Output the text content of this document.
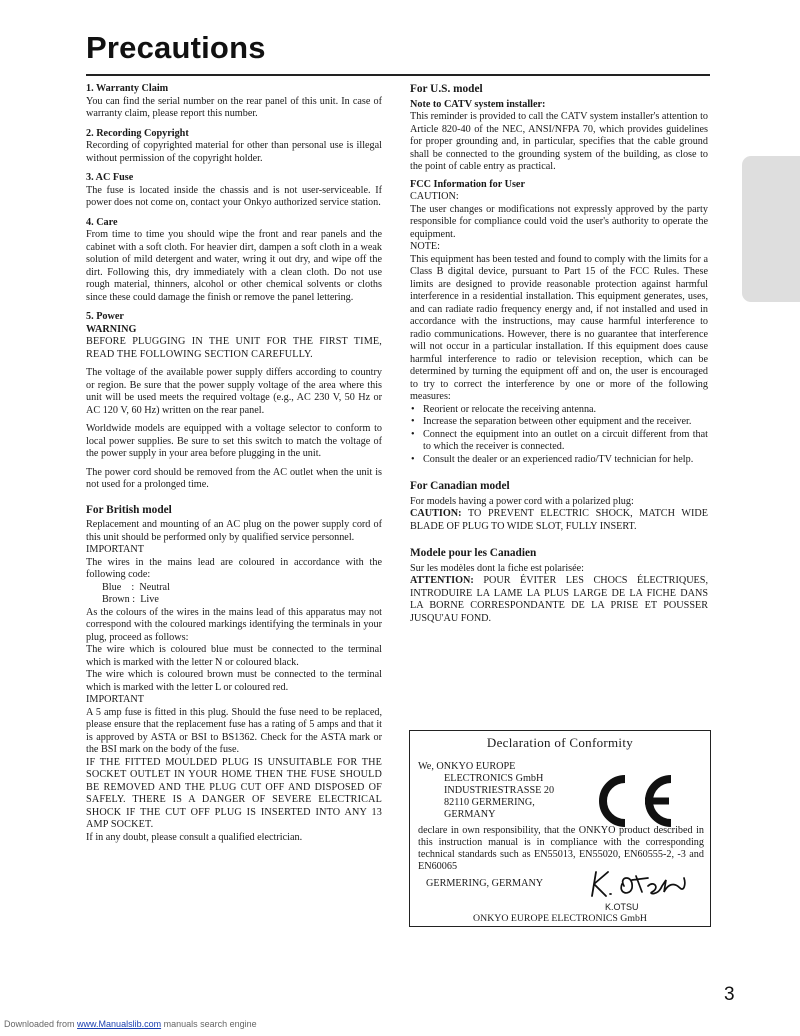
Precautions

1. Warranty Claim

You can find the serial number on the rear panel of this unit. In case of warranty claim, please report this number.

2. Recording Copyright

Recording of copyrighted material for other than personal use is illegal without permission of the copyright holder.

3. AC Fuse

The fuse is located inside the chassis and is not user-serviceable. If power does not come on, contact your Onkyo authorized service station.

4. Care

From time to time you should wipe the front and rear panels and the cabinet with a soft cloth. For heavier dirt, dampen a soft cloth in a weak solution of mild detergent and water, wring it out dry, and wipe off the dirt. Following this, dry immediately with a clean cloth. Do not use rough material, thinners, alcohol or other chemical solvents or cloths since these could damage the finish or remove the panel lettering.

5. Power

WARNING

BEFORE PLUGGING IN THE UNIT FOR THE FIRST TIME, READ THE FOLLOWING SECTION CAREFULLY.

The voltage of the available power supply differs according to country or region. Be sure that the power supply voltage of the area where this unit will be used meets the required voltage (e.g., AC 230 V, 50 Hz or AC 120 V, 60 Hz) written on the rear panel.

Worldwide models are equipped with a voltage selector to conform to local power supplies. Be sure to set this switch to match the voltage of the power supply in your area before plugging in the unit.

The power cord should be removed from the AC outlet when the unit is not used for a prolonged time.

For British model

Replacement and mounting of an AC plug on the power supply cord of this unit should be performed only by qualified service personnel.

IMPORTANT

The wires in the mains lead are coloured in accordance with the following code:

Blue    :  Neutral

Brown :  Live

As the colours of the wires in the mains lead of this apparatus may not correspond with the coloured markings identifying the terminals in your plug, proceed as follows:

The wire which is coloured blue must be connected to the terminal which is marked with the letter N or coloured black.

The wire which is coloured brown must be connected to the terminal which is marked with the letter L or coloured red.

IMPORTANT

A 5 amp fuse is fitted in this plug. Should the fuse need to be replaced, please ensure that the replacement fuse has a rating of 5 amps and that it is approved by ASTA or BSI to BS1362. Check for the ASTA mark or the BSI mark on the body of the fuse.

IF THE FITTED MOULDED PLUG IS UNSUITABLE FOR THE SOCKET OUTLET IN YOUR HOME THEN THE FUSE SHOULD BE REMOVED AND THE PLUG CUT OFF AND DISPOSED OF SAFELY. THERE IS A DANGER OF SEVERE ELECTRICAL SHOCK IF THE CUT OFF PLUG IS INSERTED INTO ANY 13 AMP SOCKET.

If in any doubt, please consult a qualified electrician.

For U.S. model

Note to CATV system installer:

This reminder is provided to call the CATV system installer's attention to Article 820-40 of the NEC, ANSI/NFPA 70, which provides guidelines for proper grounding and, in particular, specifies that the cable ground shall be connected to the grounding system of the building, as close to the point of cable entry as practical.

FCC Information for User

CAUTION:

The user changes or modifications not expressly approved by the party responsible for compliance could void the user's authority to operate the equipment.

NOTE:

This equipment has been tested and found to comply with the limits for a Class B digital device, pursuant to Part 15 of the FCC Rules. These limits are designed to provide reasonable protection against harmful interference in a residential installation. This equipment generates, uses, and can radiate radio frequency energy and, if not installed and used in accordance with the instructions, may cause harmful interference to radio communications. However, there is no guarantee that interference will not occur in a particular installation. If this equipment does cause harmful interference to radio or television reception, which can be determined by turning the equipment off and on, the user is encouraged to try to correct the interference by one or more of the following measures:

• Reorient or relocate the receiving antenna.
• Increase the separation between other equipment and the receiver.
• Connect the equipment into an outlet on a circuit different from that to which the receiver is connected.
• Consult the dealer or an experienced radio/TV technician for help.

For Canadian model

For models having a power cord with a polarized plug:

CAUTION: TO PREVENT ELECTRIC SHOCK, MATCH WIDE BLADE OF PLUG TO WIDE SLOT, FULLY INSERT.

Modele pour les Canadien

Sur les modèles dont la fiche est polarisée:

ATTENTION: POUR ÉVITER LES CHOCS ÉLECTRIQUES, INTRODUIRE LA LAME LA PLUS LARGE DE LA FICHE DANS LA BORNE CORRESPONDANTE DE LA PRISE ET POUSSER JUSQU'AU FOND.

Declaration of Conformity
We, ONKYO EUROPE
ELECTRONICS GmbH
INDUSTRIESTRASSE 20
82110 GERMERING,
GERMANY
declare in own responsibility, that the ONKYO product described in this instruction manual is in compliance with the corresponding technical standards such as EN55013, EN55020, EN60555-2, -3 and EN60065
GERMERING, GERMANY
K.OTSU
ONKYO EUROPE ELECTRONICS GmbH
3
Downloaded from www.Manualslib.com manuals search engine
